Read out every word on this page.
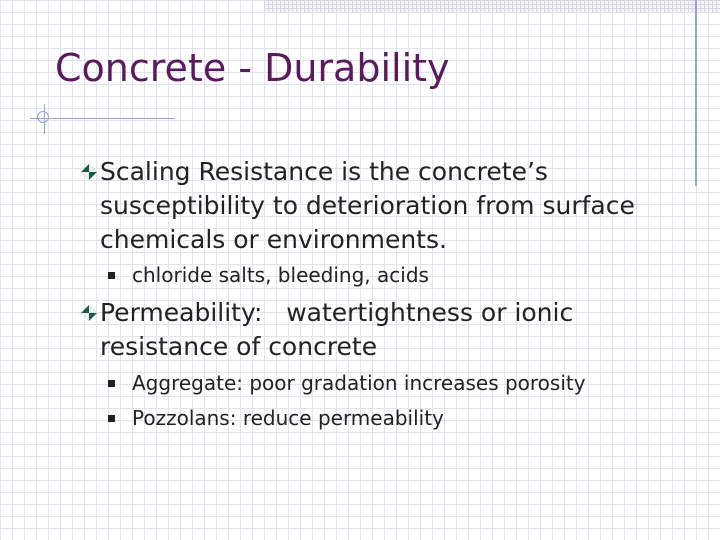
Concrete - Durability
Scaling Resistance is the concrete’s susceptibility to deterioration from surface chemicals or environments.
chloride salts, bleeding, acids
Permeability:   watertightness or ionic resistance of concrete
Aggregate: poor gradation increases porosity
Pozzolans: reduce permeability
